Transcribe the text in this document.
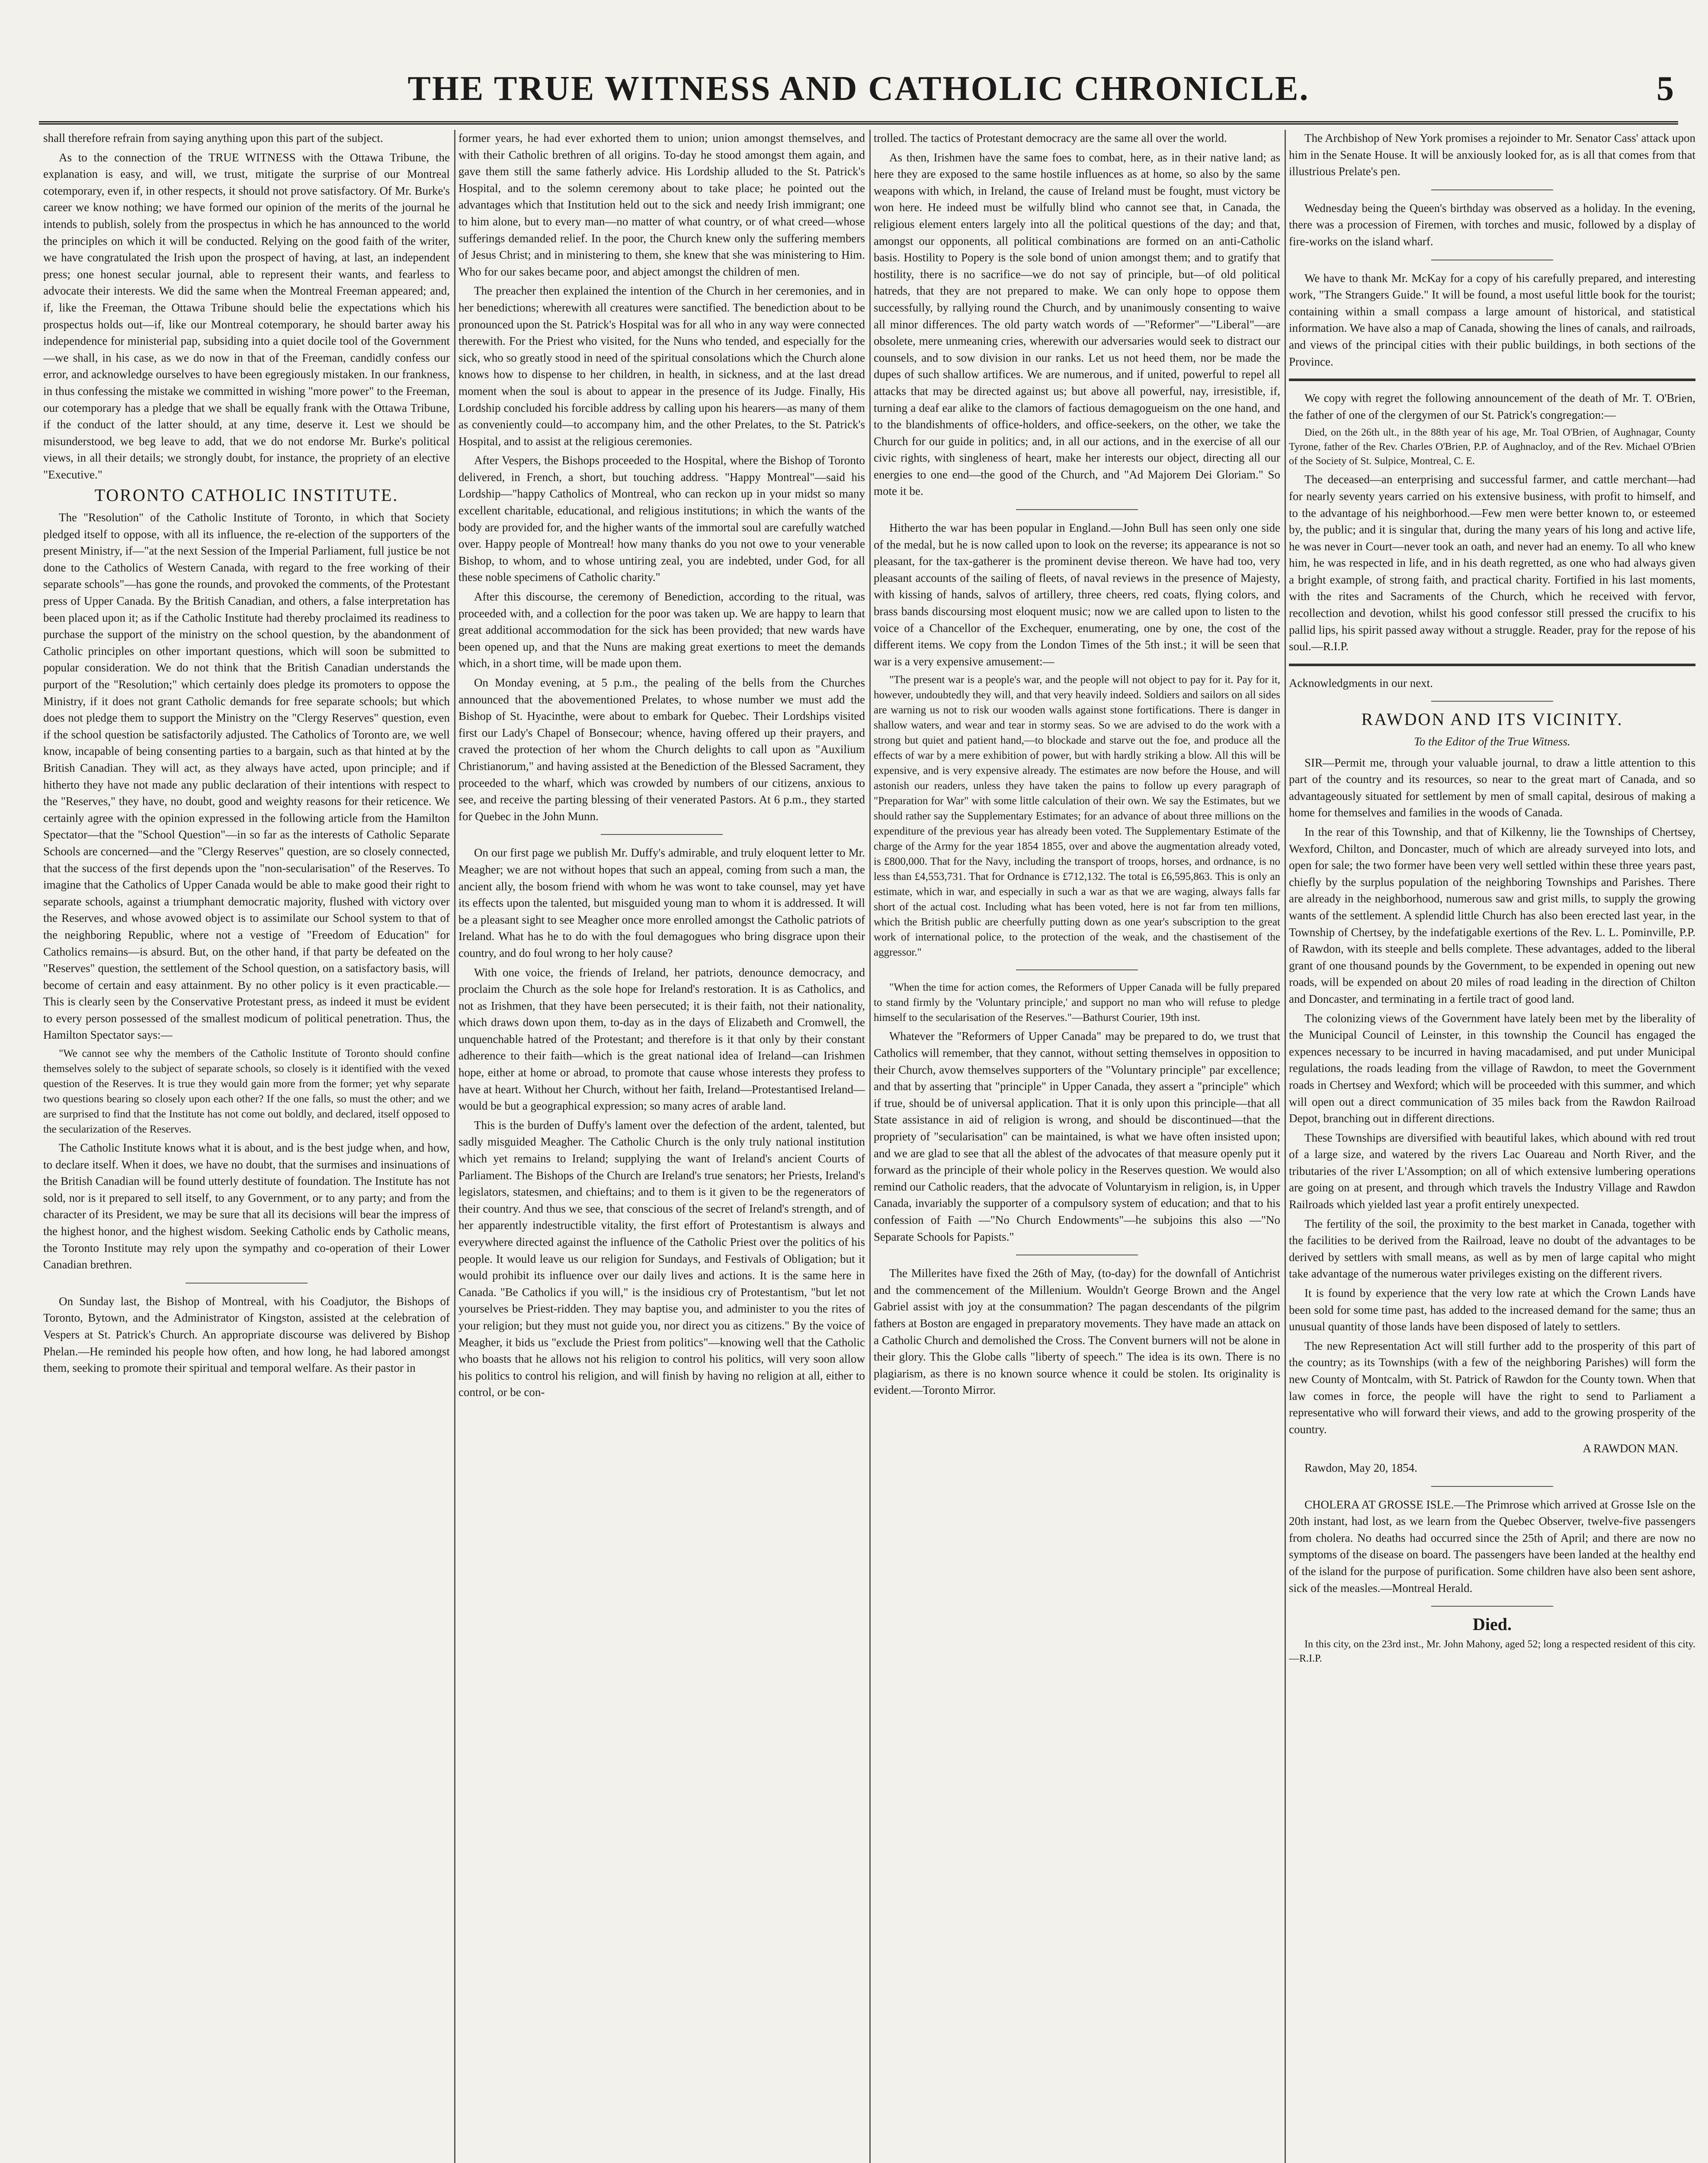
THE TRUE WITNESS AND CATHOLIC CHRONICLE.	5

shall therefore refrain from saying anything upon this part of the subject.

As to the connection of the TRUE WITNESS with the Ottawa Tribune, the explanation is easy, and will, we trust, mitigate the surprise of our Montreal cotemporary, even if, in other respects, it should not prove satisfactory. Of Mr. Burke's career we know nothing; we have formed our opinion of the merits of the journal he intends to publish, solely from the prospectus in which he has announced to the world the principles on which it will be conducted. Relying on the good faith of the writer, we have congratulated the Irish upon the prospect of having, at last, an independent press; one honest secular journal, able to represent their wants, and fearless to advocate their interests. We did the same when the Montreal Freeman appeared; and, if, like the Freeman, the Ottawa Tribune should belie the expectations which his prospectus holds out—if, like our Montreal cotemporary, he should barter away his independence for ministerial pap, subsiding into a quiet docile tool of the Government—we shall, in his case, as we do now in that of the Freeman, candidly confess our error, and acknowledge ourselves to have been egregiously mistaken. In our frankness, in thus confessing the mistake we committed in wishing "more power" to the Freeman, our cotemporary has a pledge that we shall be equally frank with the Ottawa Tribune, if the conduct of the latter should, at any time, deserve it. Lest we should be misunderstood, we beg leave to add, that we do not endorse Mr. Burke's political views, in all their details; we strongly doubt, for instance, the propriety of an elective "Executive."

TORONTO CATHOLIC INSTITUTE.

The "Resolution" of the Catholic Institute of Toronto, in which that Society pledged itself to oppose, with all its influence, the re-election of the supporters of the present Ministry, if—"at the next Session of the Imperial Parliament, full justice be not done to the Catholics of Western Canada, with regard to the free working of their separate schools"—has gone the rounds, and provoked the comments, of the Protestant press of Upper Canada. By the British Canadian, and others, a false interpretation has been placed upon it; as if the Catholic Institute had thereby proclaimed its readiness to purchase the support of the ministry on the school question, by the abandonment of Catholic principles on other important questions, which will soon be submitted to popular consideration. We do not think that the British Canadian understands the purport of the "Resolution;" which certainly does pledge its promoters to oppose the Ministry, if it does not grant Catholic demands for free separate schools; but which does not pledge them to support the Ministry on the "Clergy Reserves" question, even if the school question be satisfactorily adjusted. The Catholics of Toronto are, we well know, incapable of being consenting parties to a bargain, such as that hinted at by the British Canadian. They will act, as they always have acted, upon principle; and if hitherto they have not made any public declaration of their intentions with respect to the "Reserves," they have, no doubt, good and weighty reasons for their reticence. We certainly agree with the opinion expressed in the following article from the Hamilton Spectator—that the "School Question"—in so far as the interests of Catholic Separate Schools are concerned—and the "Clergy Reserves" question, are so closely connected, that the success of the first depends upon the "non-secularisation" of the Reserves. To imagine that the Catholics of Upper Canada would be able to make good their right to separate schools, against a triumphant democratic majority, flushed with victory over the Reserves, and whose avowed object is to assimilate our School system to that of the neighboring Republic, where not a vestige of "Freedom of Education" for Catholics remains—is absurd. But, on the other hand, if that party be defeated on the "Reserves" question, the settlement of the School question, on a satisfactory basis, will become of certain and easy attainment. By no other policy is it even practicable.—This is clearly seen by the Conservative Protestant press, as indeed it must be evident to every person possessed of the smallest modicum of political penetration. Thus, the Hamilton Spectator says:—

"We cannot see why the members of the Catholic Institute of Toronto should confine themselves solely to the subject of separate schools, so closely is it identified with the vexed question of the Reserves. It is true they would gain more from the former; yet why separate two questions bearing so closely upon each other? If the one falls, so must the other; and we are surprised to find that the Institute has not come out boldly, and declared, itself opposed to the secularization of the Reserves.

The Catholic Institute knows what it is about, and is the best judge when, and how, to declare itself. When it does, we have no doubt, that the surmises and insinuations of the British Canadian will be found utterly destitute of foundation. The Institute has not sold, nor is it prepared to sell itself, to any Government, or to any party; and from the character of its President, we may be sure that all its decisions will bear the impress of the highest honor, and the highest wisdom. Seeking Catholic ends by Catholic means, the Toronto Institute may rely upon the sympathy and co-operation of their Lower Canadian brethren.

On Sunday last, the Bishop of Montreal, with his Coadjutor, the Bishops of Toronto, Bytown, and the Administrator of Kingston, assisted at the celebration of Vespers at St. Patrick's Church. An appropriate discourse was delivered by Bishop Phelan.—He reminded his people how often, and how long, he had labored amongst them, seeking to promote their spiritual and temporal welfare. As their pastor in

former years, he had ever exhorted them to union; union amongst themselves, and with their Catholic brethren of all origins. To-day he stood amongst them again, and gave them still the same fatherly advice. His Lordship alluded to the St. Patrick's Hospital, and to the solemn ceremony about to take place; he pointed out the advantages which that Institution held out to the sick and needy Irish immigrant; one to him alone, but to every man—no matter of what country, or of what creed—whose sufferings demanded relief. In the poor, the Church knew only the suffering members of Jesus Christ; and in ministering to them, she knew that she was ministering to Him. Who for our sakes became poor, and abject amongst the children of men.

The preacher then explained the intention of the Church in her ceremonies, and in her benedictions; wherewith all creatures were sanctified. The benediction about to be pronounced upon the St. Patrick's Hospital was for all who in any way were connected therewith. For the Priest who visited, for the Nuns who tended, and especially for the sick, who so greatly stood in need of the spiritual consolations which the Church alone knows how to dispense to her children, in health, in sickness, and at the last dread moment when the soul is about to appear in the presence of its Judge. Finally, His Lordship concluded his forcible address by calling upon his hearers—as many of them as conveniently could—to accompany him, and the other Prelates, to the St. Patrick's Hospital, and to assist at the religious ceremonies.

After Vespers, the Bishops proceeded to the Hospital, where the Bishop of Toronto delivered, in French, a short, but touching address. "Happy Montreal"—said his Lordship—"happy Catholics of Montreal, who can reckon up in your midst so many excellent charitable, educational, and religious institutions; in which the wants of the body are provided for, and the higher wants of the immortal soul are carefully watched over. Happy people of Montreal! how many thanks do you not owe to your venerable Bishop, to whom, and to whose untiring zeal, you are indebted, under God, for all these noble specimens of Catholic charity."

After this discourse, the ceremony of Benediction, according to the ritual, was proceeded with, and a collection for the poor was taken up. We are happy to learn that great additional accommodation for the sick has been provided; that new wards have been opened up, and that the Nuns are making great exertions to meet the demands which, in a short time, will be made upon them.

On Monday evening, at 5 p.m., the pealing of the bells from the Churches announced that the abovementioned Prelates, to whose number we must add the Bishop of St. Hyacinthe, were about to embark for Quebec. Their Lordships visited first our Lady's Chapel of Bonsecour; whence, having offered up their prayers, and craved the protection of her whom the Church delights to call upon as "Auxilium Christianorum," and having assisted at the Benediction of the Blessed Sacrament, they proceeded to the wharf, which was crowded by numbers of our citizens, anxious to see, and receive the parting blessing of their venerated Pastors. At 6 p.m., they started for Quebec in the John Munn.

On our first page we publish Mr. Duffy's admirable, and truly eloquent letter to Mr. Meagher; we are not without hopes that such an appeal, coming from such a man, the ancient ally, the bosom friend with whom he was wont to take counsel, may yet have its effects upon the talented, but misguided young man to whom it is addressed. It will be a pleasant sight to see Meagher once more enrolled amongst the Catholic patriots of Ireland. What has he to do with the foul demagogues who bring disgrace upon their country, and do foul wrong to her holy cause?

With one voice, the friends of Ireland, her patriots, denounce democracy, and proclaim the Church as the sole hope for Ireland's restoration. It is as Catholics, and not as Irishmen, that they have been persecuted; it is their faith, not their nationality, which draws down upon them, to-day as in the days of Elizabeth and Cromwell, the unquenchable hatred of the Protestant; and therefore is it that only by their constant adherence to their faith—which is the great national idea of Ireland—can Irishmen hope, either at home or abroad, to promote that cause whose interests they profess to have at heart. Without her Church, without her faith, Ireland—Protestantised Ireland—would be but a geographical expression; so many acres of arable land.

This is the burden of Duffy's lament over the defection of the ardent, talented, but sadly misguided Meagher. The Catholic Church is the only truly national institution which yet remains to Ireland; supplying the want of Ireland's ancient Courts of Parliament. The Bishops of the Church are Ireland's true senators; her Priests, Ireland's legislators, statesmen, and chieftains; and to them is it given to be the regenerators of their country. And thus we see, that conscious of the secret of Ireland's strength, and of her apparently indestructible vitality, the first effort of Protestantism is always and everywhere directed against the influence of the Catholic Priest over the politics of his people. It would leave us our religion for Sundays, and Festivals of Obligation; but it would prohibit its influence over our daily lives and actions. It is the same here in Canada. "Be Catholics if you will," is the insidious cry of Protestantism, "but let not yourselves be Priest-ridden. They may baptise you, and administer to you the rites of your religion; but they must not guide you, nor direct you as citizens." By the voice of Meagher, it bids us "exclude the Priest from politics"—knowing well that the Catholic who boasts that he allows not his religion to control his politics, will very soon allow his politics to control his religion, and will finish by having no religion at all, either to control, or be con-

trolled. The tactics of Protestant democracy are the same all over the world.

As then, Irishmen have the same foes to combat, here, as in their native land; as here they are exposed to the same hostile influences as at home, so also by the same weapons with which, in Ireland, the cause of Ireland must be fought, must victory be won here. He indeed must be wilfully blind who cannot see that, in Canada, the religious element enters largely into all the political questions of the day; and that, amongst our opponents, all political combinations are formed on an anti-Catholic basis. Hostility to Popery is the sole bond of union amongst them; and to gratify that hostility, there is no sacrifice—we do not say of principle, but—of old political hatreds, that they are not prepared to make. We can only hope to oppose them successfully, by rallying round the Church, and by unanimously consenting to waive all minor differences. The old party watch words of —"Reformer"—"Liberal"—are obsolete, mere unmeaning cries, wherewith our adversaries would seek to distract our counsels, and to sow division in our ranks. Let us not heed them, nor be made the dupes of such shallow artifices. We are numerous, and if united, powerful to repel all attacks that may be directed against us; but above all powerful, nay, irresistible, if, turning a deaf ear alike to the clamors of factious demagogueism on the one hand, and to the blandishments of office-holders, and office-seekers, on the other, we take the Church for our guide in politics; and, in all our actions, and in the exercise of all our civic rights, with singleness of heart, make her interests our object, directing all our energies to one end—the good of the Church, and "Ad Majorem Dei Gloriam." So mote it be.

Hitherto the war has been popular in England.—John Bull has seen only one side of the medal, but he is now called upon to look on the reverse; its appearance is not so pleasant, for the tax-gatherer is the prominent devise thereon. We have had too, very pleasant accounts of the sailing of fleets, of naval reviews in the presence of Majesty, with kissing of hands, salvos of artillery, three cheers, red coats, flying colors, and brass bands discoursing most eloquent music; now we are called upon to listen to the voice of a Chancellor of the Exchequer, enumerating, one by one, the cost of the different items. We copy from the London Times of the 5th inst.; it will be seen that war is a very expensive amusement:—

"The present war is a people's war, and the people will not object to pay for it. Pay for it, however, undoubtedly they will, and that very heavily indeed. Soldiers and sailors on all sides are warning us not to risk our wooden walls against stone fortifications. There is danger in shallow waters, and wear and tear in stormy seas. So we are advised to do the work with a strong but quiet and patient hand,—to blockade and starve out the foe, and produce all the effects of war by a mere exhibition of power, but with hardly striking a blow. All this will be expensive, and is very expensive already. The estimates are now before the House, and will astonish our readers, unless they have taken the pains to follow up every paragraph of "Preparation for War" with some little calculation of their own. We say the Estimates, but we should rather say the Supplementary Estimates; for an advance of about three millions on the expenditure of the previous year has already been voted. The Supplementary Estimate of the charge of the Army for the year 1854 1855, over and above the augmentation already voted, is £800,000. That for the Navy, including the transport of troops, horses, and ordnance, is no less than £4,553,731. That for Ordnance is £712,132. The total is £6,595,863. This is only an estimate, which in war, and especially in such a war as that we are waging, always falls far short of the actual cost. Including what has been voted, here is not far from ten millions, which the British public are cheerfully putting down as one year's subscription to the great work of international police, to the protection of the weak, and the chastisement of the aggressor."

"When the time for action comes, the Reformers of Upper Canada will be fully prepared to stand firmly by the 'Voluntary principle,' and support no man who will refuse to pledge himself to the secularisation of the Reserves."—Bathurst Courier, 19th inst.

Whatever the "Reformers of Upper Canada" may be prepared to do, we trust that Catholics will remember, that they cannot, without setting themselves in opposition to their Church, avow themselves supporters of the "Voluntary principle" par excellence; and that by asserting that "principle" in Upper Canada, they assert a "principle" which if true, should be of universal application. That it is only upon this principle—that all State assistance in aid of religion is wrong, and should be discontinued—that the propriety of "secularisation" can be maintained, is what we have often insisted upon; and we are glad to see that all the ablest of the advocates of that measure openly put it forward as the principle of their whole policy in the Reserves question. We would also remind our Catholic readers, that the advocate of Voluntaryism in religion, is, in Upper Canada, invariably the supporter of a compulsory system of education; and that to his confession of Faith —"No Church Endowments"—he subjoins this also —"No Separate Schools for Papists."

The Millerites have fixed the 26th of May, (to-day) for the downfall of Antichrist and the commencement of the Millenium. Wouldn't George Brown and the Angel Gabriel assist with joy at the consummation? The pagan descendants of the pilgrim fathers at Boston are engaged in preparatory movements. They have made an attack on a Catholic Church and demolished the Cross. The Convent burners will not be alone in their glory. This the Globe calls "liberty of speech." The idea is its own. There is no plagiarism, as there is no known source whence it could be stolen. Its originality is evident.—Toronto Mirror.

The Archbishop of New York promises a rejoinder to Mr. Senator Cass' attack upon him in the Senate House. It will be anxiously looked for, as is all that comes from that illustrious Prelate's pen.

Wednesday being the Queen's birthday was observed as a holiday. In the evening, there was a procession of Firemen, with torches and music, followed by a display of fire-works on the island wharf.

We have to thank Mr. McKay for a copy of his carefully prepared, and interesting work, "The Strangers Guide." It will be found, a most useful little book for the tourist; containing within a small compass a large amount of historical, and statistical information. We have also a map of Canada, showing the lines of canals, and railroads, and views of the principal cities with their public buildings, in both sections of the Province.

We copy with regret the following announcement of the death of Mr. T. O'Brien, the father of one of the clergymen of our St. Patrick's congregation:—

Died, on the 26th ult., in the 88th year of his age, Mr. Toal O'Brien, of Aughnagar, County Tyrone, father of the Rev. Charles O'Brien, P.P. of Aughnacloy, and of the Rev. Michael O'Brien of the Society of St. Sulpice, Montreal, C. E.

The deceased—an enterprising and successful farmer, and cattle merchant—had for nearly seventy years carried on his extensive business, with profit to himself, and to the advantage of his neighborhood.—Few men were better known to, or esteemed by, the public; and it is singular that, during the many years of his long and active life, he was never in Court—never took an oath, and never had an enemy. To all who knew him, he was respected in life, and in his death regretted, as one who had always given a bright example, of strong faith, and practical charity. Fortified in his last moments, with the rites and Sacraments of the Church, which he received with fervor, recollection and devotion, whilst his good confessor still pressed the crucifix to his pallid lips, his spirit passed away without a struggle. Reader, pray for the repose of his soul.—R.I.P.

Acknowledgments in our next.

RAWDON AND ITS VICINITY.
To the Editor of the True Witness.

SIR—Permit me, through your valuable journal, to draw a little attention to this part of the country and its resources, so near to the great mart of Canada, and so advantageously situated for settlement by men of small capital, desirous of making a home for themselves and families in the woods of Canada.

In the rear of this Township, and that of Kilkenny, lie the Townships of Chertsey, Wexford, Chilton, and Doncaster, much of which are already surveyed into lots, and open for sale; the two former have been very well settled within these three years past, chiefly by the surplus population of the neighboring Townships and Parishes. There are already in the neighborhood, numerous saw and grist mills, to supply the growing wants of the settlement. A splendid little Church has also been erected last year, in the Township of Chertsey, by the indefatigable exertions of the Rev. L. L. Pominville, P.P. of Rawdon, with its steeple and bells complete. These advantages, added to the liberal grant of one thousand pounds by the Government, to be expended in opening out new roads, will be expended on about 20 miles of road leading in the direction of Chilton and Doncaster, and terminating in a fertile tract of good land.

The colonizing views of the Government have lately been met by the liberality of the Municipal Council of Leinster, in this township the Council has engaged the expences necessary to be incurred in having macadamised, and put under Municipal regulations, the roads leading from the village of Rawdon, to meet the Government roads in Chertsey and Wexford; which will be proceeded with this summer, and which will open out a direct communication of 35 miles back from the Rawdon Railroad Depot, branching out in different directions.

These Townships are diversified with beautiful lakes, which abound with red trout of a large size, and watered by the rivers Lac Ouareau and North River, and the tributaries of the river L'Assomption; on all of which extensive lumbering operations are going on at present, and through which travels the Industry Village and Rawdon Railroads which yielded last year a profit entirely unexpected.

The fertility of the soil, the proximity to the best market in Canada, together with the facilities to be derived from the Railroad, leave no doubt of the advantages to be derived by settlers with small means, as well as by men of large capital who might take advantage of the numerous water privileges existing on the different rivers.

It is found by experience that the very low rate at which the Crown Lands have been sold for some time past, has added to the increased demand for the same; thus an unusual quantity of those lands have been disposed of lately to settlers.

The new Representation Act will still further add to the prosperity of this part of the country; as its Townships (with a few of the neighboring Parishes) will form the new County of Montcalm, with St. Patrick of Rawdon for the County town. When that law comes in force, the people will have the right to send to Parliament a representative who will forward their views, and add to the growing prosperity of the country.

A RAWDON MAN.

Rawdon, May 20, 1854.

CHOLERA AT GROSSE ISLE.—The Primrose which arrived at Grosse Isle on the 20th instant, had lost, as we learn from the Quebec Observer, twelve-five passengers from cholera. No deaths had occurred since the 25th of April; and there are now no symptoms of the disease on board. The passengers have been landed at the healthy end of the island for the purpose of purification. Some children have also been sent ashore, sick of the measles.—Montreal Herald.

Died.

In this city, on the 23rd inst., Mr. John Mahony, aged 52; long a respected resident of this city.—R.I.P.
